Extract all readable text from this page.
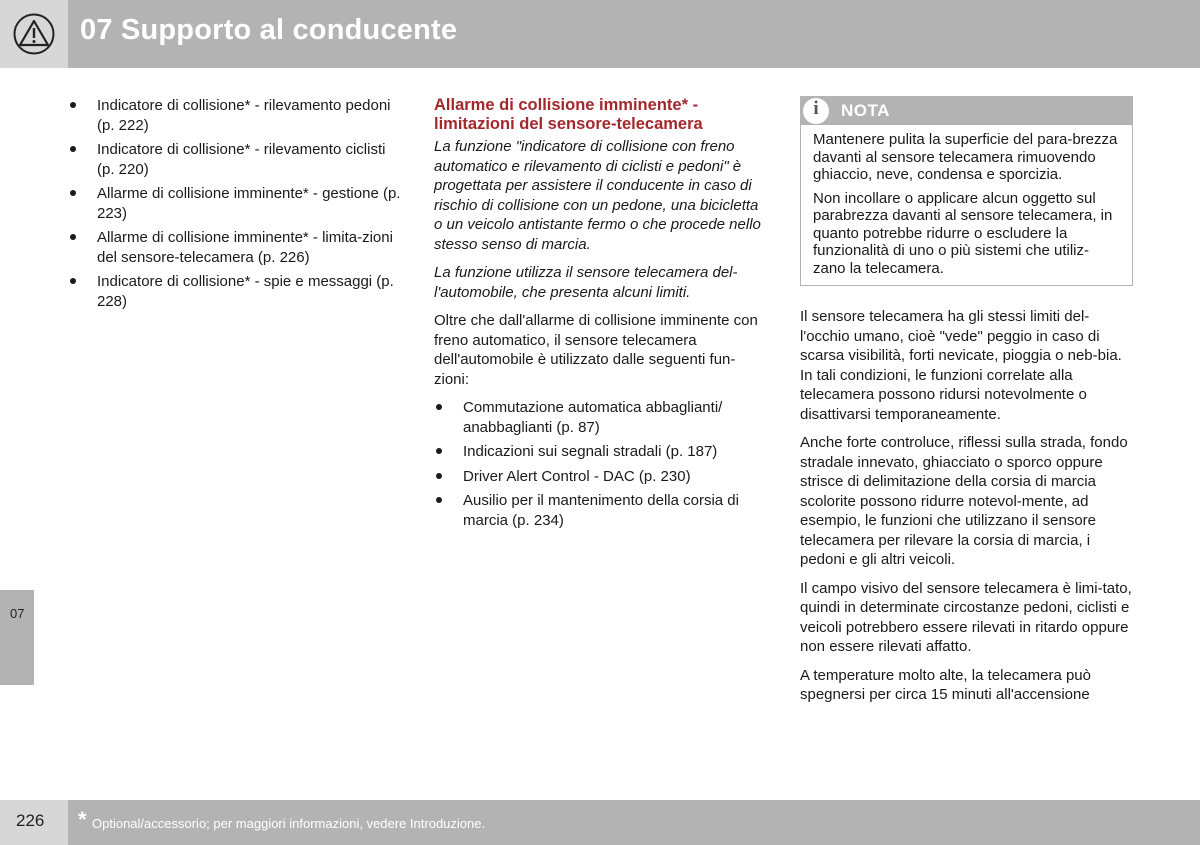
07 Supporto al conducente
07
Indicatore di collisione* - rilevamento pedoni (p. 222)
Indicatore di collisione* - rilevamento ciclisti (p. 220)
Allarme di collisione imminente* - gestione (p. 223)
Allarme di collisione imminente* - limita-zioni del sensore-telecamera (p. 226)
Indicatore di collisione* - spie e messaggi (p. 228)
Allarme di collisione imminente* - limitazioni del sensore-telecamera

La funzione "indicatore di collisione con freno automatico e rilevamento di ciclisti e pedoni" è progettata per assistere il conducente in caso di rischio di collisione con un pedone, una bicicletta o un veicolo antistante fermo o che procede nello stesso senso di marcia.

La funzione utilizza il sensore telecamera del-l'automobile, che presenta alcuni limiti.

Oltre che dall'allarme di collisione imminente con freno automatico, il sensore telecamera dell'automobile è utilizzato dalle seguenti fun-zioni:

Commutazione automatica abbaglianti/ anabbaglianti (p. 87)
Indicazioni sui segnali stradali (p. 187)
Driver Alert Control - DAC (p. 230)
Ausilio per il mantenimento della corsia di marcia (p. 234)
i
NOTA

Mantenere pulita la superficie del para-brezza davanti al sensore telecamera rimuovendo ghiaccio, neve, condensa e sporcizia.

Non incollare o applicare alcun oggetto sul parabrezza davanti al sensore telecamera, in quanto potrebbe ridurre o escludere la funzionalità di uno o più sistemi che utiliz-zano la telecamera.

Il sensore telecamera ha gli stessi limiti del-l'occhio umano, cioè "vede" peggio in caso di scarsa visibilità, forti nevicate, pioggia o neb-bia. In tali condizioni, le funzioni correlate alla telecamera possono ridursi notevolmente o disattivarsi temporaneamente.

Anche forte controluce, riflessi sulla strada, fondo stradale innevato, ghiacciato o sporco oppure strisce di delimitazione della corsia di marcia scolorite possono ridurre notevol-mente, ad esempio, le funzioni che utilizzano il sensore telecamera per rilevare la corsia di marcia, i pedoni e gli altri veicoli.

Il campo visivo del sensore telecamera è limi-tato, quindi in determinate circostanze pedoni, ciclisti e veicoli potrebbero essere rilevati in ritardo oppure non essere rilevati affatto.

A temperature molto alte, la telecamera può spegnersi per circa 15 minuti all'accensione

226 * Optional/accessorio; per maggiori informazioni, vedere Introduzione.
